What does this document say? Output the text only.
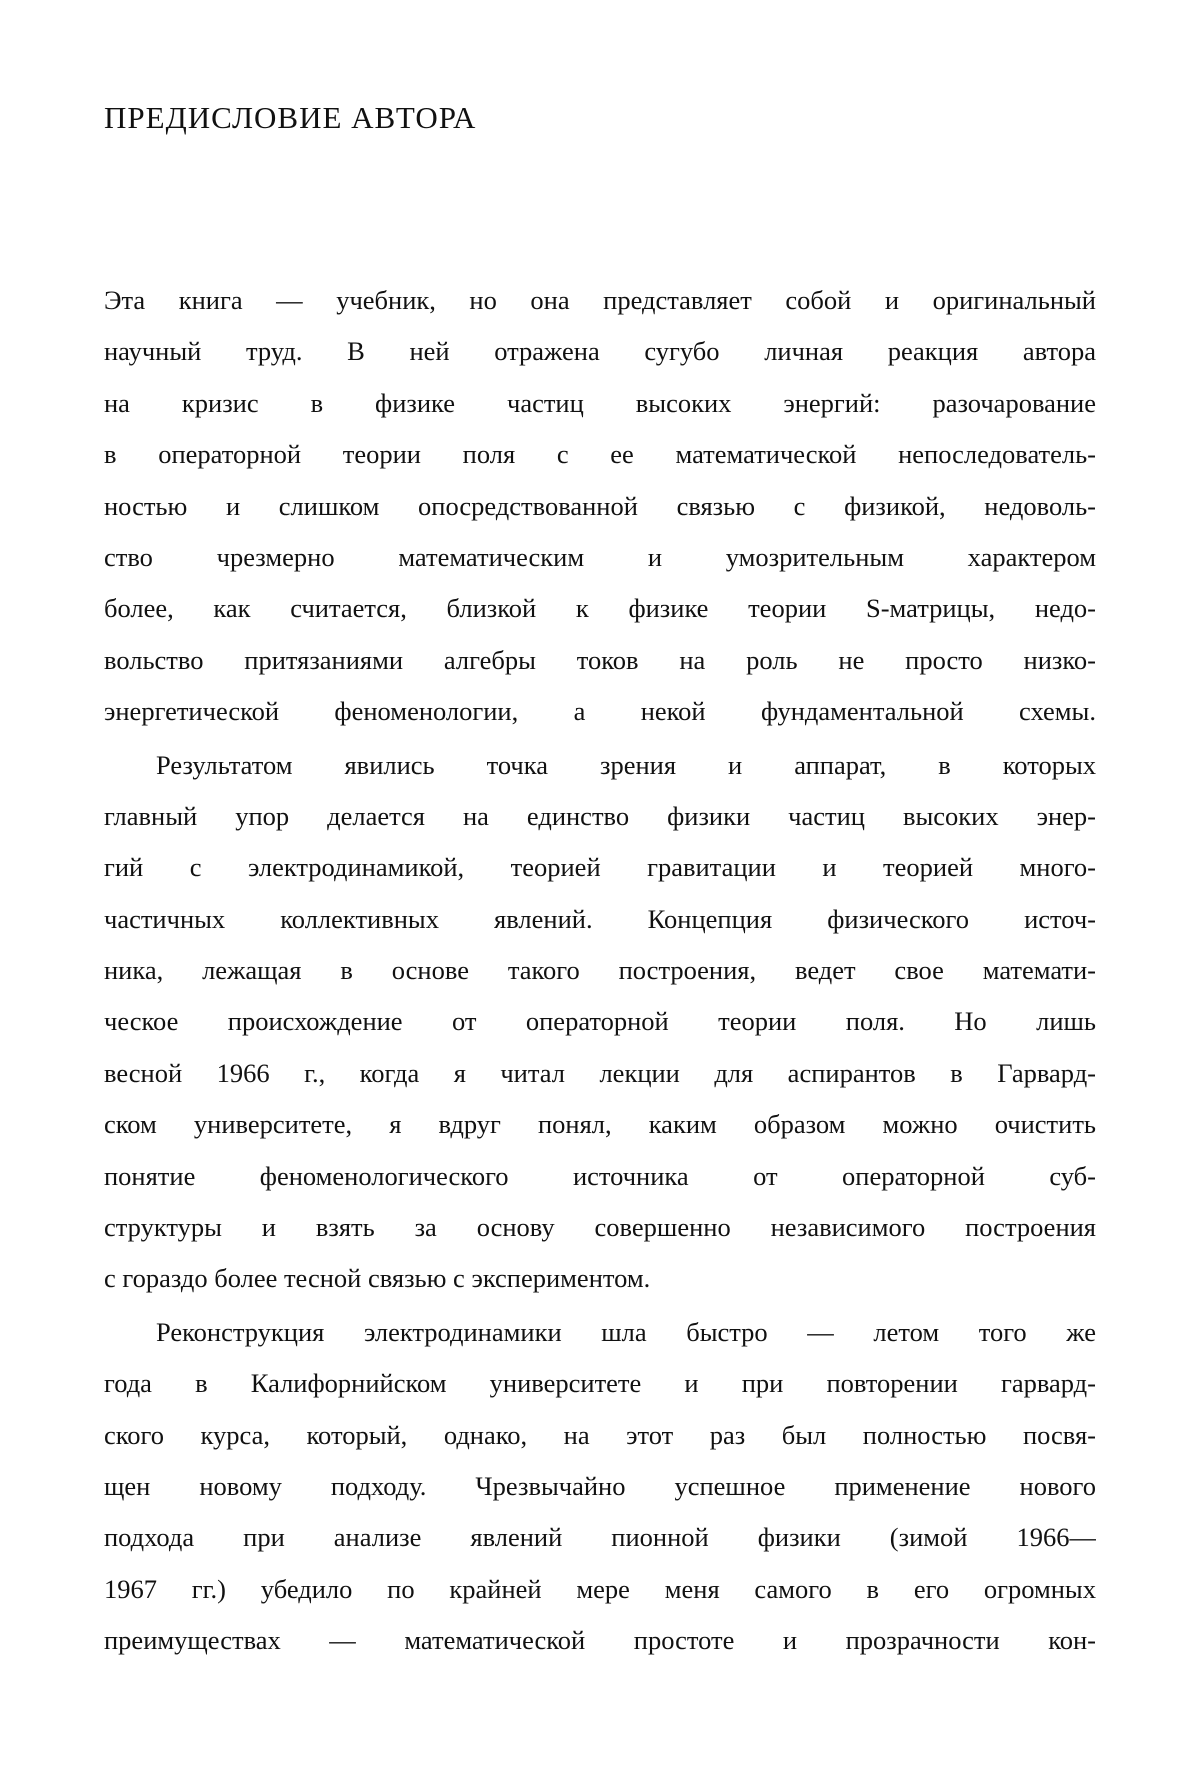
ПРЕДИСЛОВИЕ АВТОРА
Эта книга — учебник, но она представляет собой и оригинальный
научный труд. В ней отражена сугубо личная реакция автора
на кризис в физике частиц высоких энергий: разочарование
в операторной теории поля с ее математической непоследователь-
ностью и слишком опосредствованной связью с физикой, недоволь-
ство чрезмерно математическим и умозрительным характером
более, как считается, близкой к физике теории S-матрицы, недо-
вольство притязаниями алгебры токов на роль не просто низко-
энергетической феноменологии, а некой фундаментальной схемы.
Результатом явились точка зрения и аппарат, в которых
главный упор делается на единство физики частиц высоких энер-
гий с электродинамикой, теорией гравитации и теорией много-
частичных коллективных явлений. Концепция физического источ-
ника, лежащая в основе такого построения, ведет свое математи-
ческое происхождение от операторной теории поля. Но лишь
весной 1966 г., когда я читал лекции для аспирантов в Гарвард-
ском университете, я вдруг понял, каким образом можно очистить
понятие феноменологического источника от операторной суб-
структуры и взять за основу совершенно независимого построения
с гораздо более тесной связью с экспериментом.
Реконструкция электродинамики шла быстро — летом того же
года в Калифорнийском университете и при повторении гарвард-
ского курса, который, однако, на этот раз был полностью посвя-
щен новому подходу. Чрезвычайно успешное применение нового
подхода при анализе явлений пионной физики (зимой 1966—
1967 гг.) убедило по крайней мере меня самого в его огромных
преимуществах — математической простоте и прозрачности кон-
